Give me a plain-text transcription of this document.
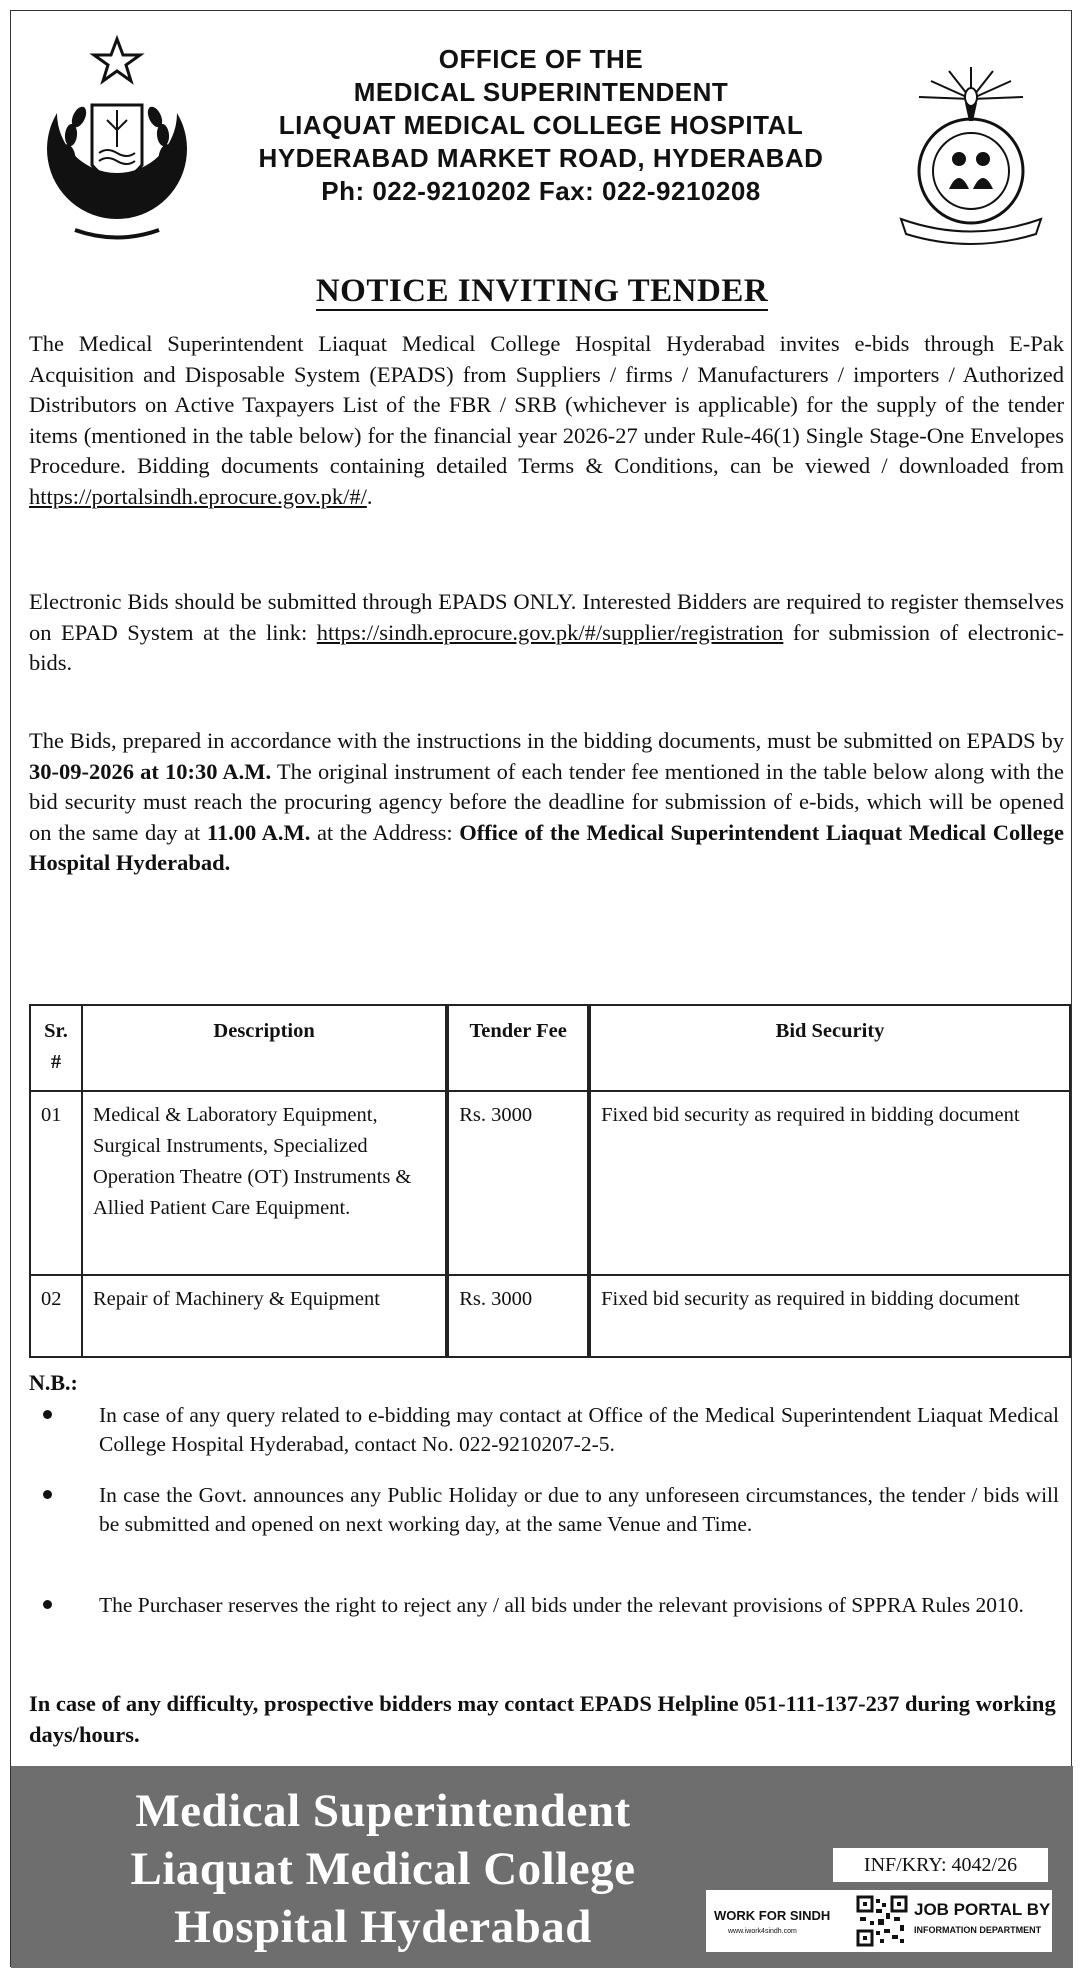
OFFICE OF THE
MEDICAL SUPERINTENDENT
LIAQUAT MEDICAL COLLEGE HOSPITAL
HYDERABAD MARKET ROAD, HYDERABAD
Ph: 022-9210202 Fax: 022-9210208
NOTICE INVITING TENDER
The Medical Superintendent Liaquat Medical College Hospital Hyderabad invites e-bids through E-Pak Acquisition and Disposable System (EPADS) from Suppliers / firms / Manufacturers / importers / Authorized Distributors on Active Taxpayers List of the FBR / SRB (whichever is applicable) for the supply of the tender items (mentioned in the table below) for the financial year 2026-27 under Rule-46(1) Single Stage-One Envelopes Procedure. Bidding documents containing detailed Terms & Conditions, can be viewed / downloaded from https://portalsindh.eprocure.gov.pk/#/.
Electronic Bids should be submitted through EPADS ONLY. Interested Bidders are required to register themselves on EPAD System at the link: https://sindh.eprocure.gov.pk/#/supplier/registration for submission of electronic-bids.
The Bids, prepared in accordance with the instructions in the bidding documents, must be submitted on EPADS by 30-09-2026 at 10:30 A.M. The original instrument of each tender fee mentioned in the table below along with the bid security must reach the procuring agency before the deadline for submission of e-bids, which will be opened on the same day at 11.00 A.M. at the Address: Office of the Medical Superintendent Liaquat Medical College Hospital Hyderabad.
Sr. #	Description	Tender Fee	Bid Security
01	Medical & Laboratory Equipment, Surgical Instruments, Specialized Operation Theatre (OT) Instruments & Allied Patient Care Equipment.	Rs. 3000	Fixed bid security as required in bidding document
02	Repair of Machinery & Equipment	Rs. 3000	Fixed bid security as required in bidding document
N.B.:
In case of any query related to e-bidding may contact at Office of the Medical Superintendent Liaquat Medical College Hospital Hyderabad, contact No. 022-9210207-2-5.
In case the Govt. announces any Public Holiday or due to any unforeseen circumstances, the tender / bids will be submitted and opened on next working day, at the same Venue and Time.
The Purchaser reserves the right to reject any / all bids under the relevant provisions of SPPRA Rules 2010.
In case of any difficulty, prospective bidders may contact EPADS Helpline 051-111-137-237 during working days/hours.
Medical Superintendent
Liaquat Medical College
Hospital Hyderabad
INF/KRY: 4042/26
WORK FOR SINDH
www.iwork4sindh.com
JOB PORTAL BY
INFORMATION DEPARTMENT
